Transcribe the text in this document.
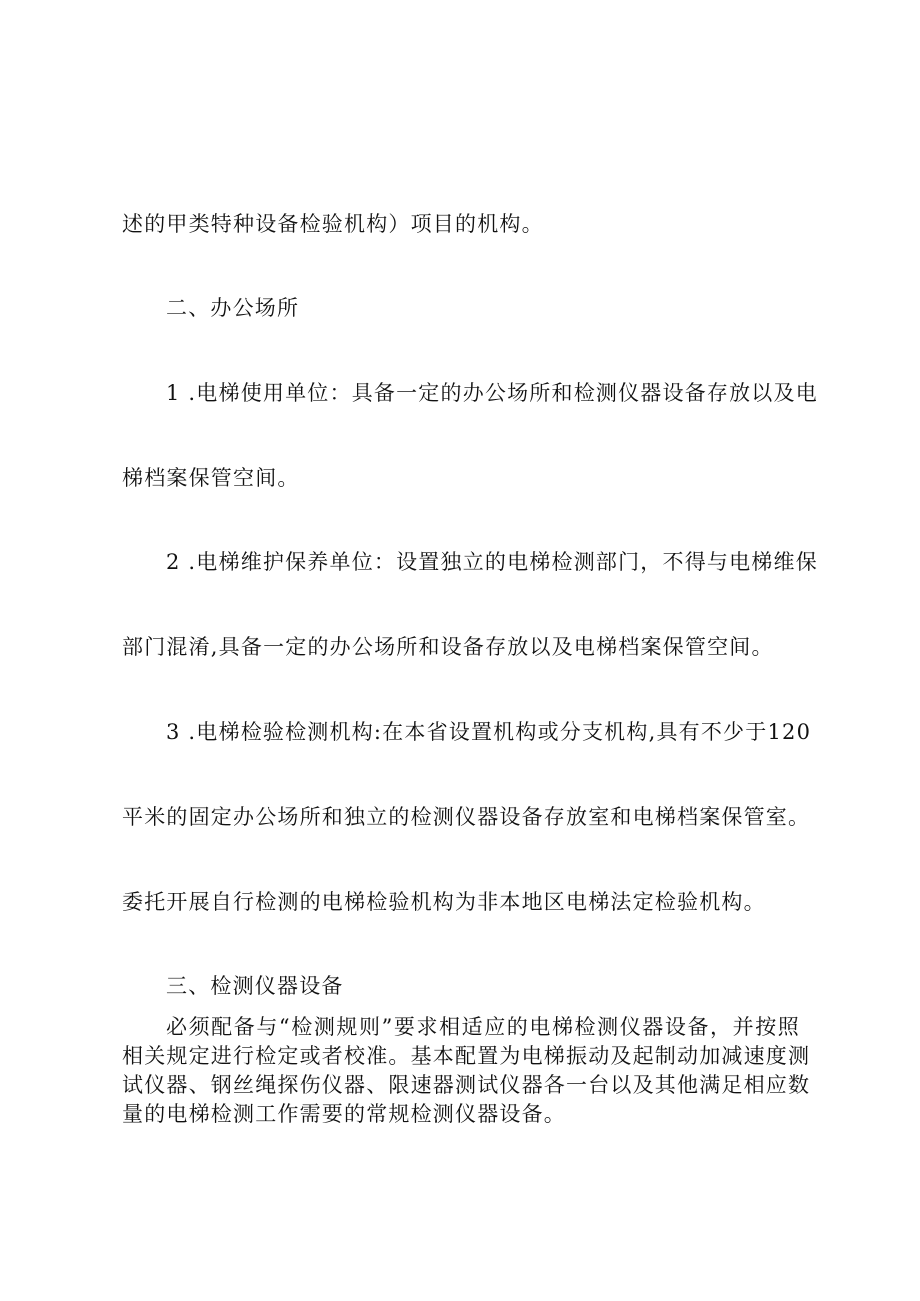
述的甲类特种设备检验机构）项目的机构。
二、办公场所
1 .电梯使用单位：具备一定的办公场所和检测仪器设备存放以及电
梯档案保管空间。
2 .电梯维护保养单位：设置独立的电梯检测部门，不得与电梯维保
部门混淆,具备一定的办公场所和设备存放以及电梯档案保管空间。
3 .电梯检验检测机构:在本省设置机构或分支机构,具有不少于120
平米的固定办公场所和独立的检测仪器设备存放室和电梯档案保管室。
委托开展自行检测的电梯检验机构为非本地区电梯法定检验机构。
三、检测仪器设备
必须配备与“检测规则”要求相适应的电梯检测仪器设备，并按照
相关规定进行检定或者校准。基本配置为电梯振动及起制动加减速度测
试仪器、钢丝绳探伤仪器、限速器测试仪器各一台以及其他满足相应数
量的电梯检测工作需要的常规检测仪器设备。
